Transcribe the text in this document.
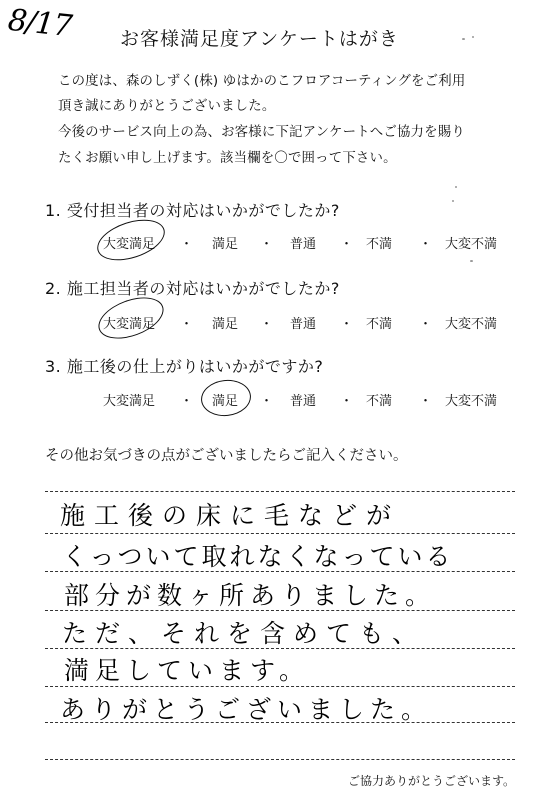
8/17 お客様満足度アンケートはがき
この度は、森のしずく(株) ゆはかのこフロアコーティングをご利用
頂き誠にありがとうございました。
今後のサービス向上の為、お客様に下記アンケートへご協力を賜り
たくお願い申し上げます。該当欄を〇で囲って下さい。
1. 受付担当者の対応はいかがでしたか?
大変満足 ・ 満足 ・ 普通 ・ 不満 ・ 大変不満
2. 施工担当者の対応はいかがでしたか?
大変満足 ・ 満足 ・ 普通 ・ 不満 ・ 大変不満
3. 施工後の仕上がりはいかがですか?
大変満足 ・ 満足 ・ 普通 ・ 不満 ・ 大変不満
その他お気づきの点がございましたらご記入ください。
施工後の床に毛などが
くっついて取れなくなっている
部分が数ヶ所ありました。
ただ、それを含めても、
満足しています。
ありがとうございました。
ご協力ありがとうございます。
